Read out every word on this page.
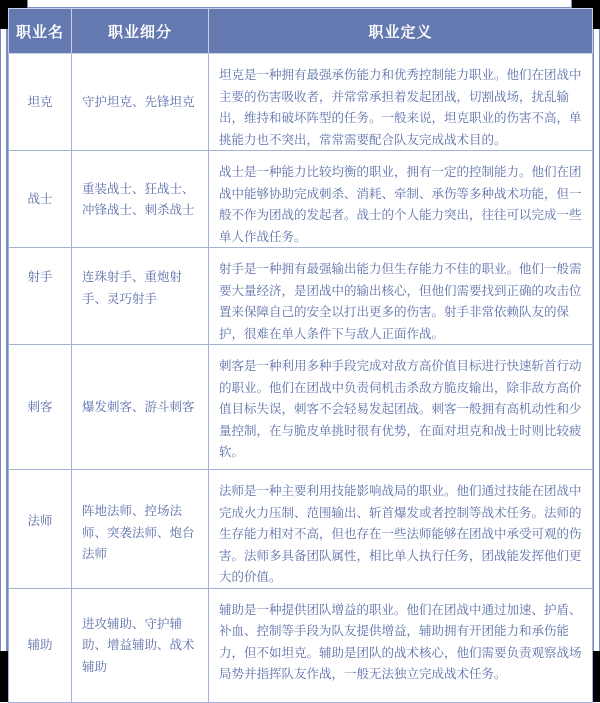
职业名	职业细分	职业定义
坦克	守护坦克、先锋坦克	坦克是一种拥有最强承伤能力和优秀控制能力职业。他们在团战中主要的伤害吸收者，并常常承担着发起团战，切割战场，扰乱输出，维持和破坏阵型的任务。一般来说，坦克职业的伤害不高，单挑能力也不突出，常常需要配合队友完成战术目的。
战士	重装战士、狂战士、冲锋战士、刺杀战士	战士是一种能力比较均衡的职业，拥有一定的控制能力。他们在团战中能够协助完成刺杀、消耗、牵制、承伤等多种战术功能，但一般不作为团战的发起者。战士的个人能力突出，往往可以完成一些单人作战任务。
射手	连珠射手、重炮射手、灵巧射手	射手是一种拥有最强输出能力但生存能力不佳的职业。他们一般需要大量经济，是团战中的输出核心，但他们需要找到正确的攻击位置来保障自己的安全以打出更多的伤害。射手非常依赖队友的保护，很难在单人条件下与敌人正面作战。
刺客	爆发刺客、游斗刺客	刺客是一种利用多种手段完成对敌方高价值目标进行快速斩首行动的职业。他们在团战中负责伺机击杀敌方脆皮输出，除非敌方高价值目标失误，刺客不会轻易发起团战。刺客一般拥有高机动性和少量控制，在与脆皮单挑时很有优势，在面对坦克和战士时则比较疲软。
法师	阵地法师、控场法师、突袭法师、炮台法师	法师是一种主要利用技能影响战局的职业。他们通过技能在团战中完成火力压制、范围输出、斩首爆发或者控制等战术任务。法师的生存能力相对不高，但也存在一些法师能够在团战中承受可观的伤害。法师多具备团队属性，相比单人执行任务，团战能发挥他们更大的价值。
辅助	进攻辅助、守护辅助、增益辅助、战术辅助	辅助是一种提供团队增益的职业。他们在团战中通过加速、护盾、补血、控制等手段为队友提供增益，辅助拥有开团能力和承伤能力，但不如坦克。辅助是团队的战术核心，他们需要负责观察战场局势并指挥队友作战，一般无法独立完成战术任务。
